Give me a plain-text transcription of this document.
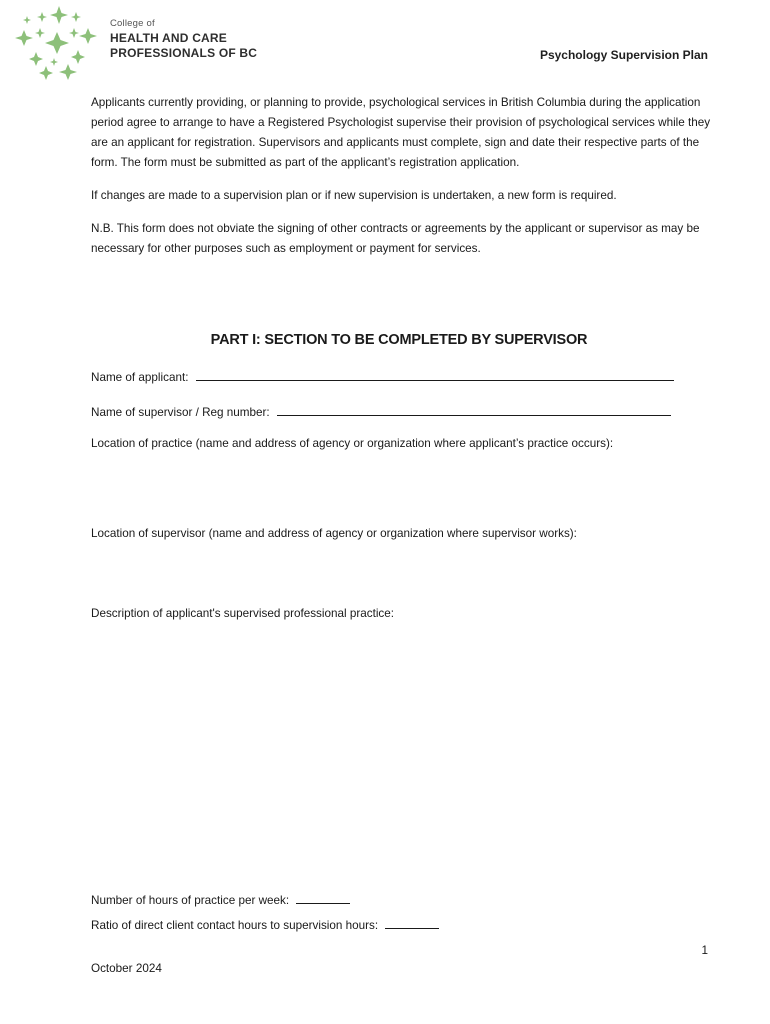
College of
HEALTH AND CARE
PROFESSIONALS OF BC	Psychology Supervision Plan

Applicants currently providing, or planning to provide, psychological services in British Columbia during the application period agree to arrange to have a Registered Psychologist supervise their provision of psychological services while they are an applicant for registration. Supervisors and applicants must complete, sign and date their respective parts of the form. The form must be submitted as part of the applicant’s registration application.

If changes are made to a supervision plan or if new supervision is undertaken, a new form is required.

N.B. This form does not obviate the signing of other contracts or agreements by the applicant or supervisor as may be necessary for other purposes such as employment or payment for services.

PART I: SECTION TO BE COMPLETED BY SUPERVISOR
Name of applicant:
Name of supervisor / Reg number:
Location of practice (name and address of agency or organization where applicant’s practice occurs):
Location of supervisor (name and address of agency or organization where supervisor works):
Description of applicant's supervised professional practice:
Number of hours of practice per week:
Ratio of direct client contact hours to supervision hours:
1
October 2024
